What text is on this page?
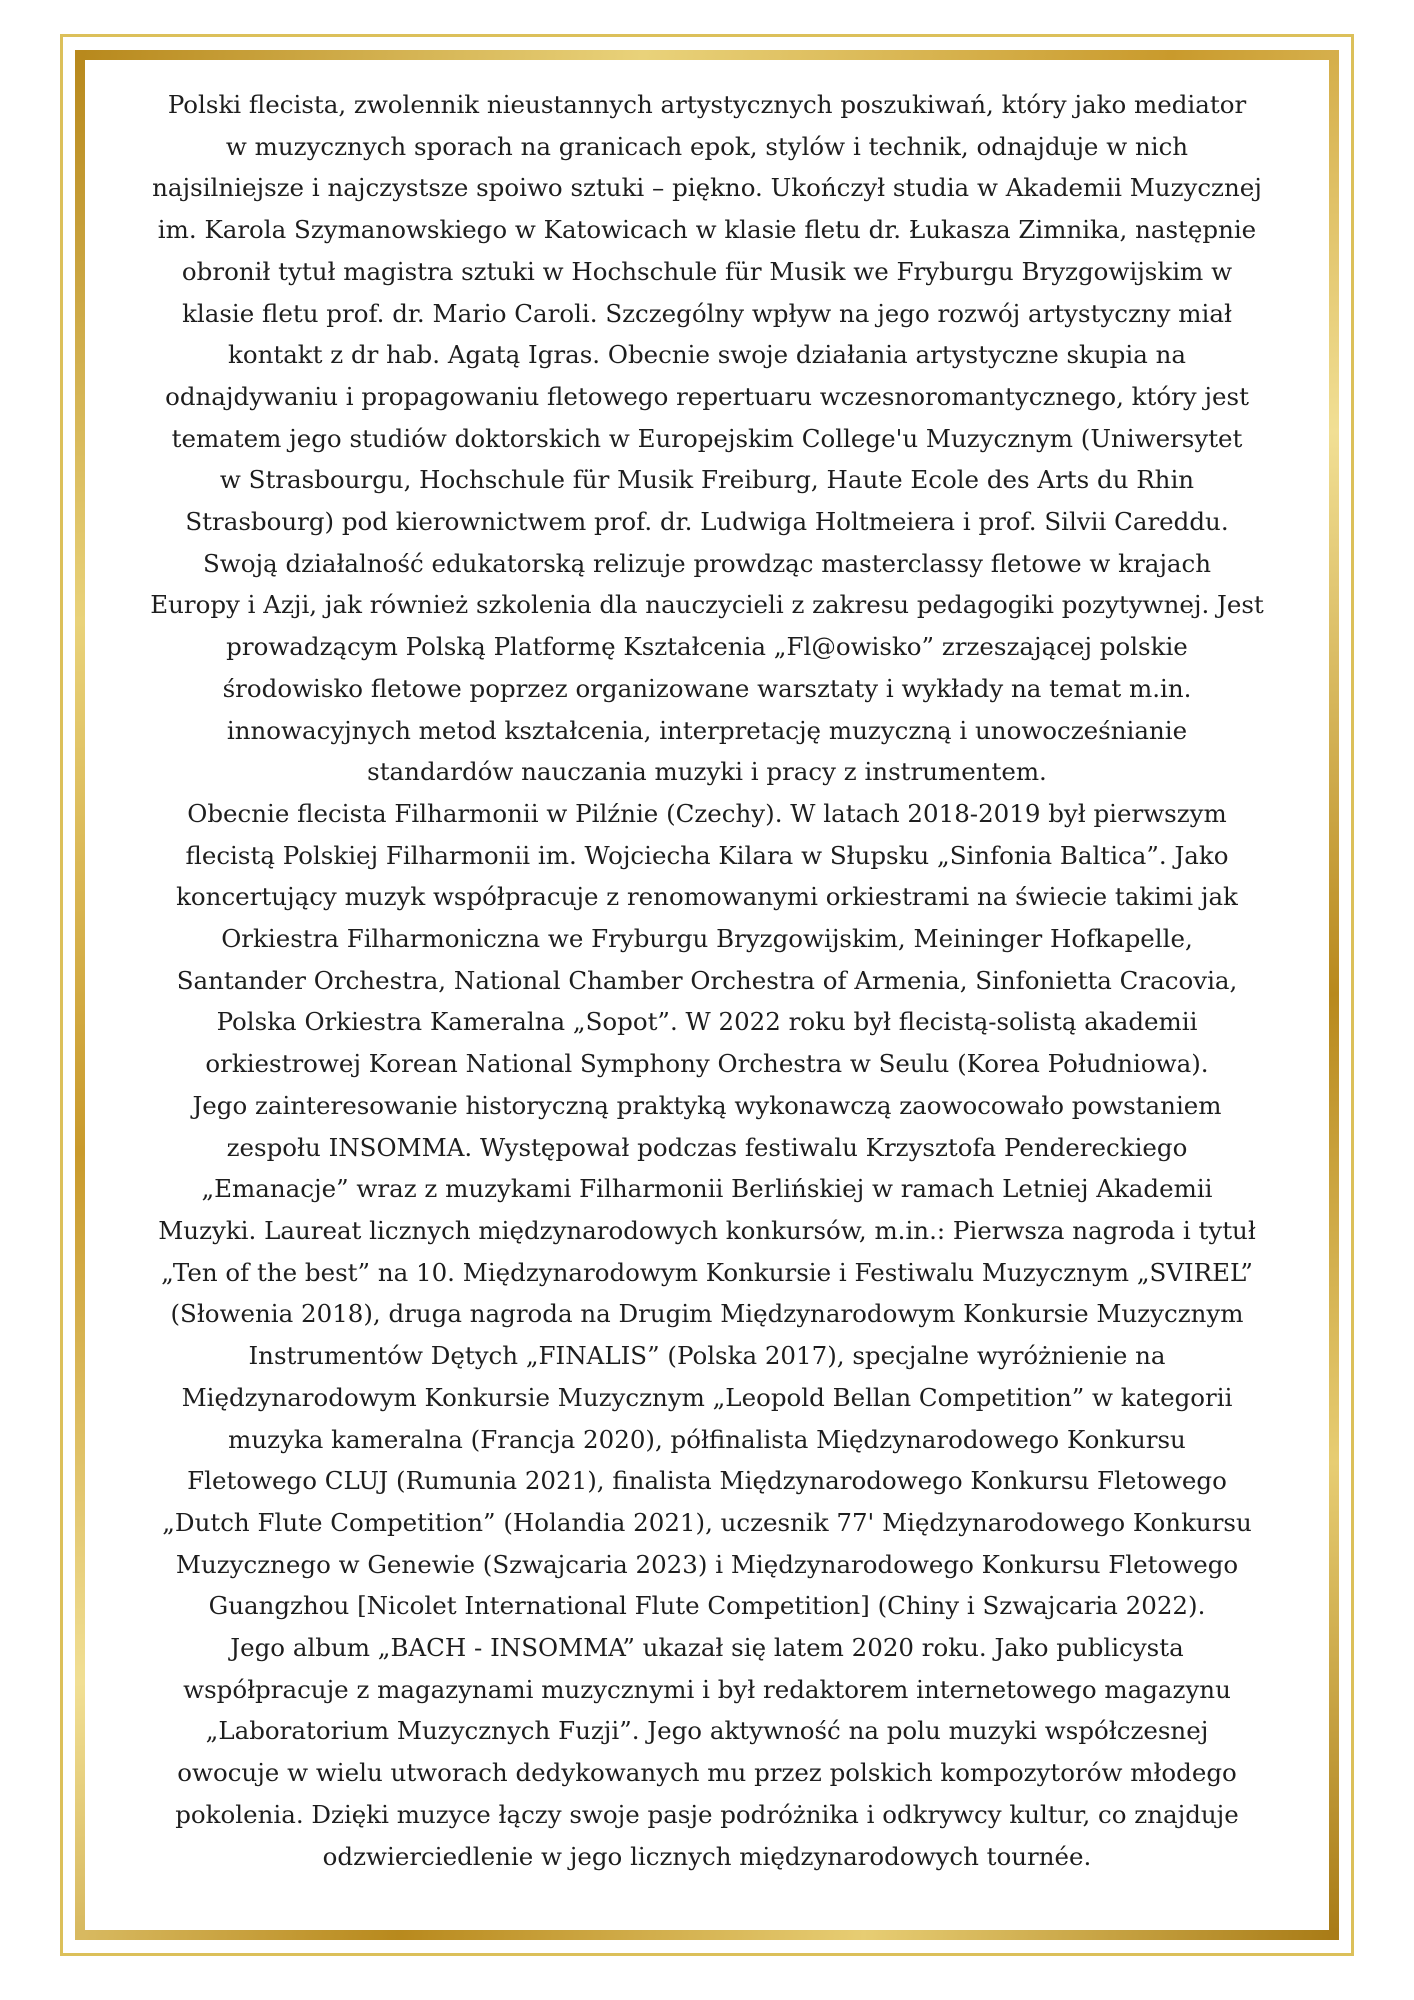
Polski flecista, zwolennik nieustannych artystycznych poszukiwań, który jako mediator
w muzycznych sporach na granicach epok, stylów i technik, odnajduje w nich
najsilniejsze i najczystsze spoiwo sztuki – piękno. Ukończył studia w Akademii Muzycznej
im. Karola Szymanowskiego w Katowicach w klasie fletu dr. Łukasza Zimnika, następnie
obronił tytuł magistra sztuki w Hochschule für Musik we Fryburgu Bryzgowijskim w
klasie fletu prof. dr. Mario Caroli. Szczególny wpływ na jego rozwój artystyczny miał
kontakt z dr hab. Agatą Igras. Obecnie swoje działania artystyczne skupia na
odnajdywaniu i propagowaniu fletowego repertuaru wczesnoromantycznego, który jest
tematem jego studiów doktorskich w Europejskim College'u Muzycznym (Uniwersytet
w Strasbourgu, Hochschule für Musik Freiburg, Haute Ecole des Arts du Rhin
Strasbourg) pod kierownictwem prof. dr. Ludwiga Holtmeiera i prof. Silvii Careddu.
Swoją działalność edukatorską relizuje prowdząc masterclassy fletowe w krajach
Europy i Azji, jak również szkolenia dla nauczycieli z zakresu pedagogiki pozytywnej. Jest
prowadzącym Polską Platformę Kształcenia „Fl@owisko” zrzeszającej polskie
środowisko fletowe poprzez organizowane warsztaty i wykłady na temat m.in.
innowacyjnych metod kształcenia, interpretację muzyczną i unowocześnianie
standardów nauczania muzyki i pracy z instrumentem.
Obecnie flecista Filharmonii w Pilźnie (Czechy). W latach 2018-2019 był pierwszym
flecistą Polskiej Filharmonii im. Wojciecha Kilara w Słupsku „Sinfonia Baltica”. Jako
koncertujący muzyk współpracuje z renomowanymi orkiestrami na świecie takimi jak
Orkiestra Filharmoniczna we Fryburgu Bryzgowijskim, Meininger Hofkapelle,
Santander Orchestra, National Chamber Orchestra of Armenia, Sinfonietta Cracovia,
Polska Orkiestra Kameralna „Sopot”. W 2022 roku był flecistą-solistą akademii
orkiestrowej Korean National Symphony Orchestra w Seulu (Korea Południowa).
Jego zainteresowanie historyczną praktyką wykonawczą zaowocowało powstaniem
zespołu INSOMMA. Występował podczas festiwalu Krzysztofa Pendereckiego
„Emanacje” wraz z muzykami Filharmonii Berlińskiej w ramach Letniej Akademii
Muzyki. Laureat licznych międzynarodowych konkursów, m.in.: Pierwsza nagroda i tytuł
„Ten of the best” na 10. Międzynarodowym Konkursie i Festiwalu Muzycznym „SVIREL”
(Słowenia 2018), druga nagroda na Drugim Międzynarodowym Konkursie Muzycznym
Instrumentów Dętych „FINALIS” (Polska 2017), specjalne wyróżnienie na
Międzynarodowym Konkursie Muzycznym „Leopold Bellan Competition” w kategorii
muzyka kameralna (Francja 2020), półfinalista Międzynarodowego Konkursu
Fletowego CLUJ (Rumunia 2021), finalista Międzynarodowego Konkursu Fletowego
„Dutch Flute Competition” (Holandia 2021), uczesnik 77' Międzynarodowego Konkursu
Muzycznego w Genewie (Szwajcaria 2023) i Międzynarodowego Konkursu Fletowego
Guangzhou [Nicolet International Flute Competition] (Chiny i Szwajcaria 2022).
Jego album „BACH - INSOMMA” ukazał się latem 2020 roku. Jako publicysta
współpracuje z magazynami muzycznymi i był redaktorem internetowego magazynu
„Laboratorium Muzycznych Fuzji”. Jego aktywność na polu muzyki współczesnej
owocuje w wielu utworach dedykowanych mu przez polskich kompozytorów młodego
pokolenia. Dzięki muzyce łączy swoje pasje podróżnika i odkrywcy kultur, co znajduje
odzwierciedlenie w jego licznych międzynarodowych tournée.
